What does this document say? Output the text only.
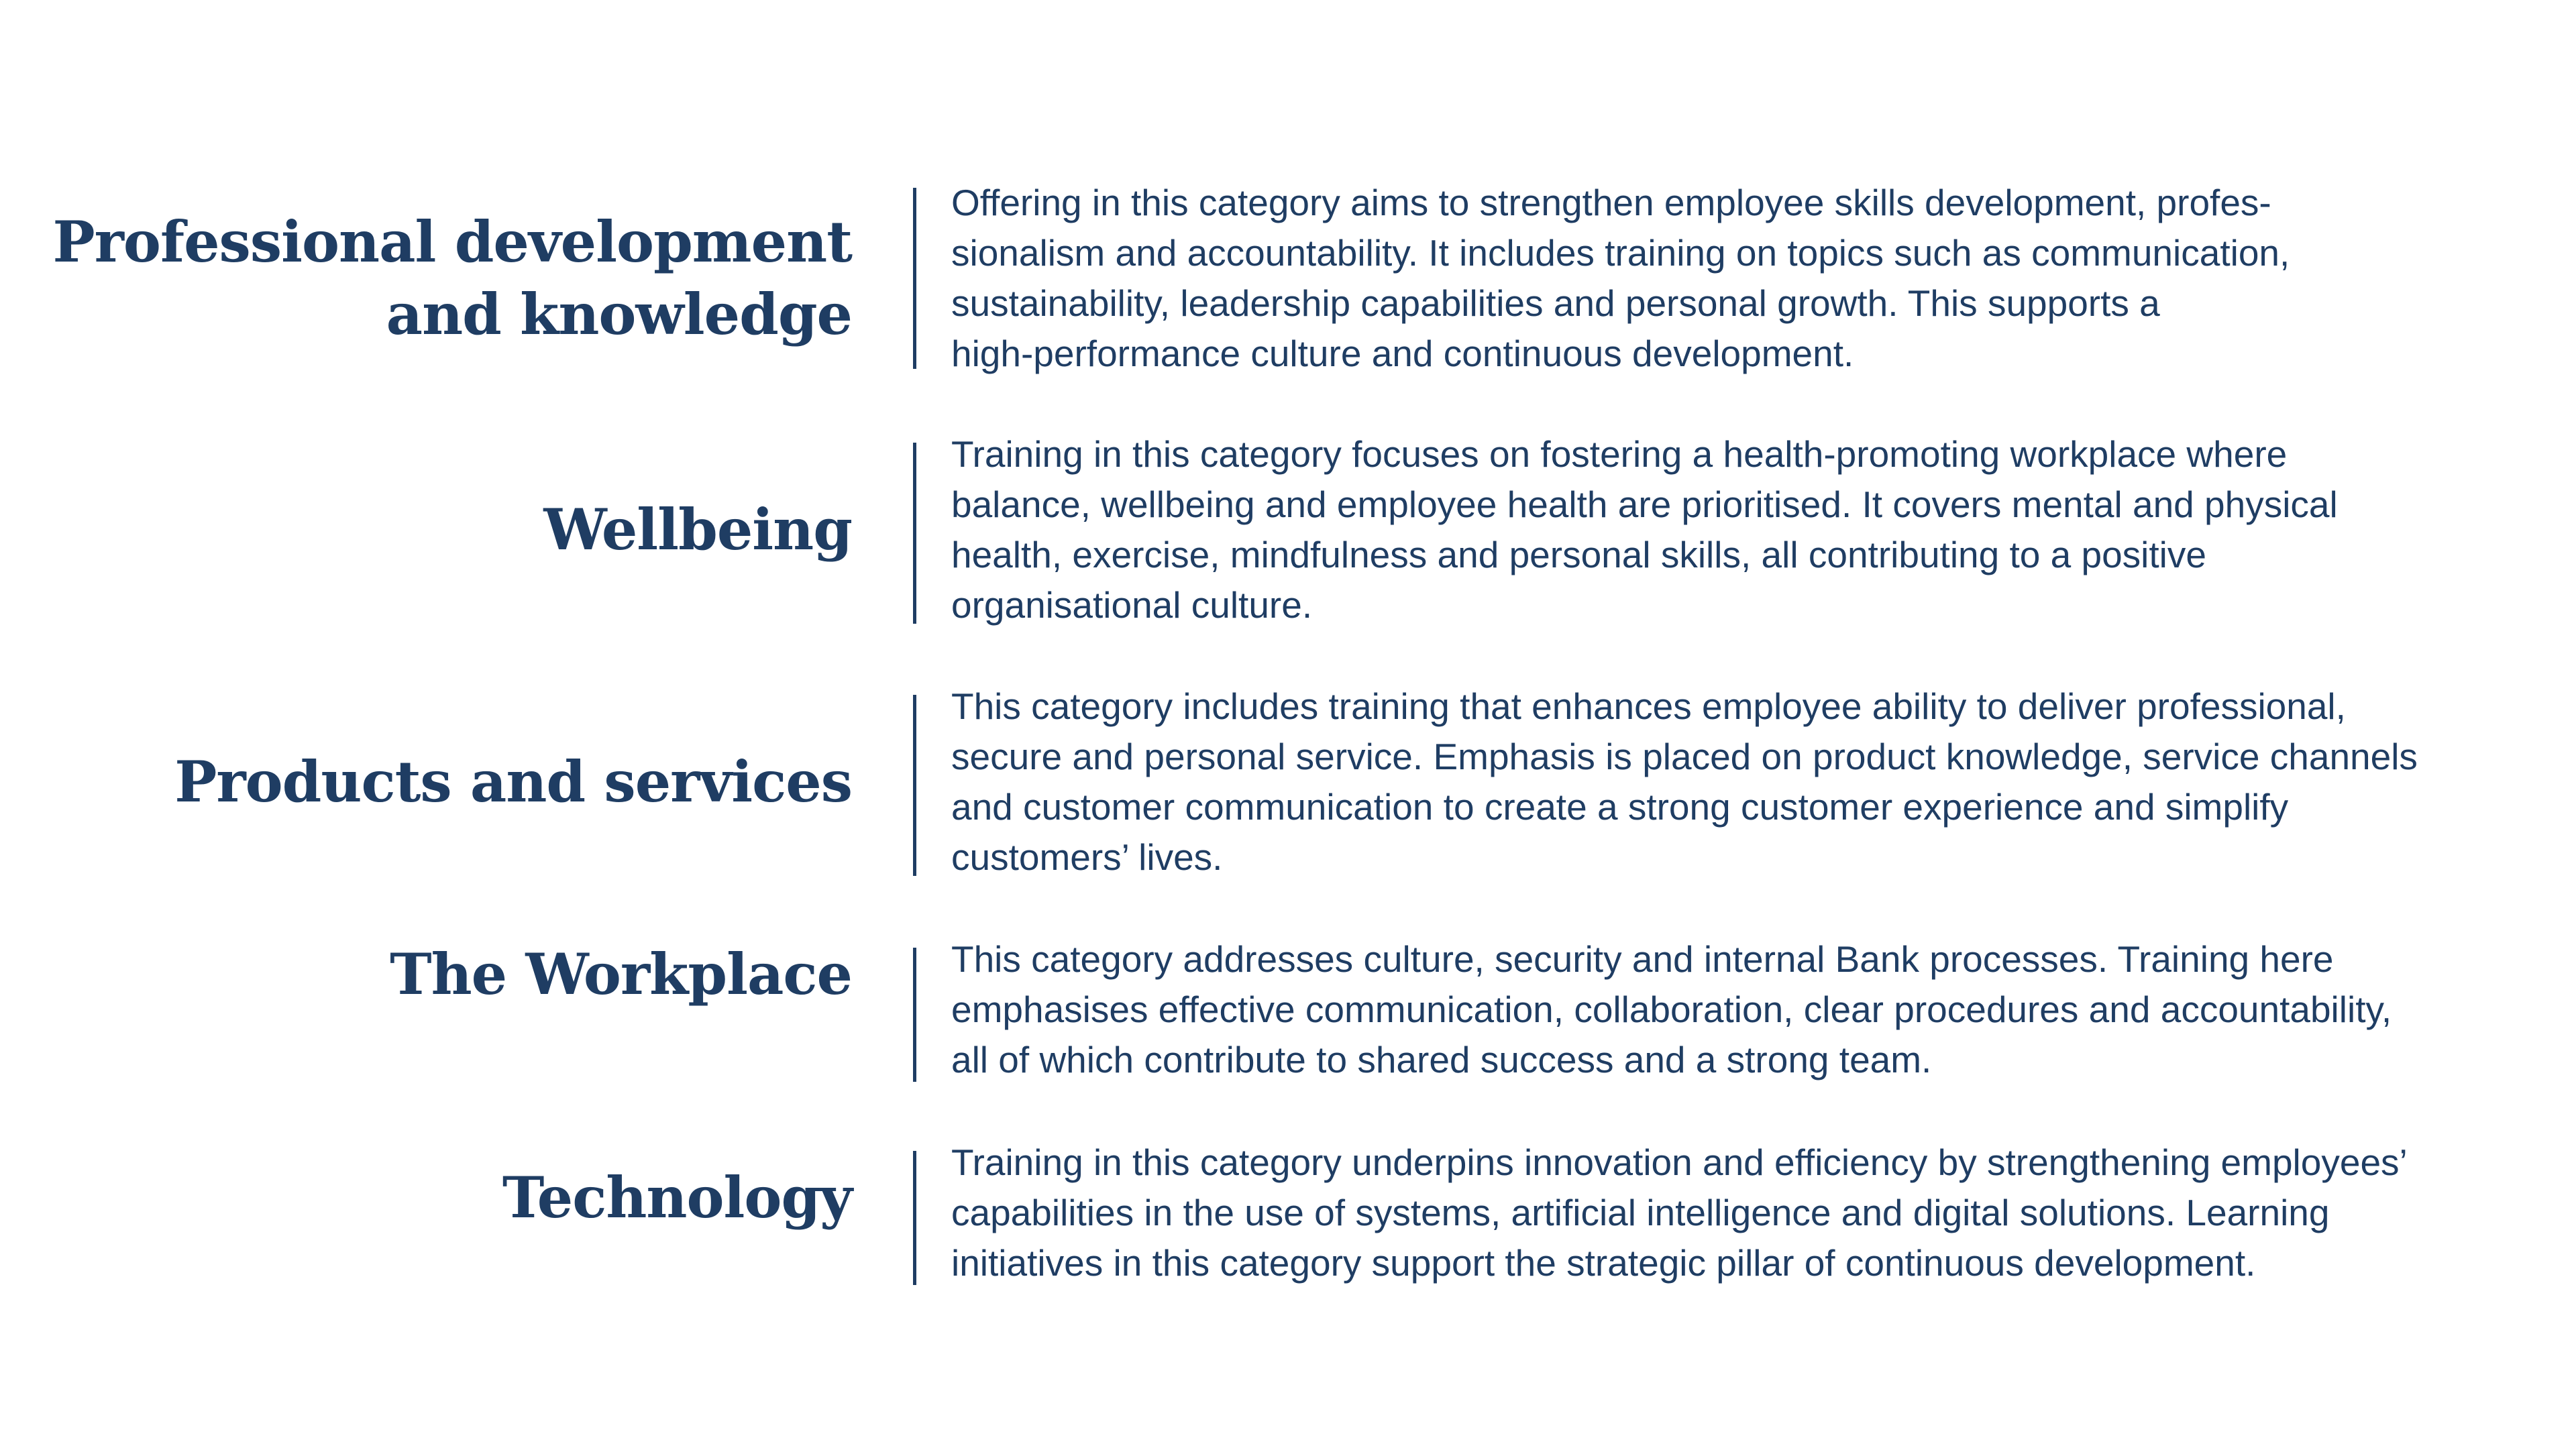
Professional development
and knowledge
Offering in this category aims to strengthen employee skills development, profes-
sionalism and accountability. It includes training on topics such as communication,
sustainability, leadership capabilities and personal growth. This supports a
high-performance culture and continuous development.
Wellbeing
Training in this category focuses on fostering a health-promoting workplace where
balance, wellbeing and employee health are prioritised. It covers mental and physical
health, exercise, mindfulness and personal skills, all contributing to a positive
organisational culture.
Products and services
This category includes training that enhances employee ability to deliver professional,
secure and personal service. Emphasis is placed on product knowledge, service channels
and customer communication to create a strong customer experience and simplify
customers’ lives.
The Workplace	This category addresses culture, security and internal Bank processes. Training here
emphasises effective communication, collaboration, clear procedures and accountability,
all of which contribute to shared success and a strong team.
Technology
Training in this category underpins innovation and efficiency by strengthening employees’
capabilities in the use of systems, artificial intelligence and digital solutions. Learning
initiatives in this category support the strategic pillar of continuous development.
